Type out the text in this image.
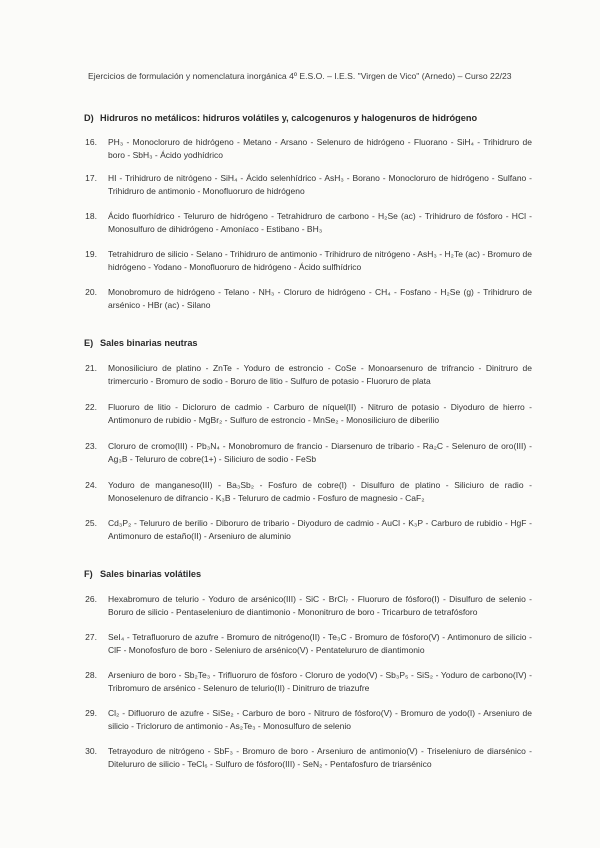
Ejercicios de formulación y nomenclatura inorgánica 4º E.S.O. – I.E.S. "Virgen de Vico" (Arnedo) – Curso 22/23
D) Hidruros no metálicos: hidruros volátiles y, calcogenuros y halogenuros de hidrógeno
16. PH₃ - Monocloruro de hidrógeno - Metano - Arsano - Selenuro de hidrógeno - Fluorano - SiH₄ - Trihidruro de boro - SbH₃ - Ácido yodhídrico
17. HI - Trihidruro de nitrógeno - SiH₄ - Ácido selenhídrico - AsH₃ - Borano - Monocloruro de hidrógeno - Sulfano - Trihidruro de antimonio - Monofluoruro de hidrógeno
18. Ácido fluorhídrico - Telururo de hidrógeno - Tetrahidruro de carbono - H₂Se (ac) - Trihidruro de fósforo - HCl - Monosulfuro de dihidrógeno - Amoníaco - Estibano - BH₃
19. Tetrahidruro de silicio - Selano - Trihidruro de antimonio - Trihidruro de nitrógeno - AsH₃ - H₂Te (ac) - Bromuro de hidrógeno - Yodano - Monofluoruro de hidrógeno - Ácido sulfhídrico
20. Monobromuro de hidrógeno - Telano - NH₃ - Cloruro de hidrógeno - CH₄ - Fosfano - H₂Se (g) - Trihidruro de arsénico - HBr (ac) - Silano
E) Sales binarias neutras
21. Monosiliciuro de platino - ZnTe - Yoduro de estroncio - CoSe - Monoarsenuro de trifrancio - Dinitruro de trimercurio - Bromuro de sodio - Boruro de litio - Sulfuro de potasio - Fluoruro de plata
22. Fluoruro de litio - Dicloruro de cadmio - Carburo de níquel(II) - Nitruro de potasio - Diyoduro de hierro - Antimonuro de rubidio - MgBr₂ - Sulfuro de estroncio - MnSe₂ - Monosiliciuro de diberilio
23. Cloruro de cromo(III) - Pb₃N₄ - Monobromuro de francio - Diarsenuro de tribario - Ra₂C - Selenuro de oro(III) - Ag₃B - Telururo de cobre(1+) - Siliciuro de sodio - FeSb
24. Yoduro de manganeso(III) - Ba₃Sb₂ - Fosfuro de cobre(I) - Disulfuro de platino - Siliciuro de radio - Monoselenuro de difrancio - K₃B - Telururo de cadmio - Fosfuro de magnesio - CaF₂
25. Cd₃P₂ - Telururo de berilio - Diboruro de tribario - Diyoduro de cadmio - AuCl - K₃P - Carburo de rubidio - HgF - Antimonuro de estaño(II) - Arseniuro de aluminio
F) Sales binarias volátiles
26. Hexabromuro de telurio - Yoduro de arsénico(III) - SiC - BrCl₇ - Fluoruro de fósforo(I) - Disulfuro de selenio - Boruro de silicio - Pentaseleniuro de diantimonio - Mononitruro de boro - Tricarburo de tetrafósforo
27. SeI₄ - Tetrafluoruro de azufre - Bromuro de nitrógeno(II) - Te₃C - Bromuro de fósforo(V) - Antimonuro de silicio - ClF - Monofosfuro de boro - Seleniuro de arsénico(V) - Pentatelururo de diantimonio
28. Arseniuro de boro - Sb₂Te₃ - Trifluoruro de fósforo - Cloruro de yodo(V) - Sb₃P₅ - SiS₂ - Yoduro de carbono(IV) - Tribromuro de arsénico - Selenuro de telurio(II) - Dinitruro de triazufre
29. Cl₂ - Difluoruro de azufre - SiSe₂ - Carburo de boro - Nitruro de fósforo(V) - Bromuro de yodo(I) - Arseniuro de silicio - Tricloruro de antimonio - As₂Te₃ - Monosulfuro de selenio
30. Tetrayoduro de nitrógeno - SbF₃ - Bromuro de boro - Arseniuro de antimonio(V) - Triseleniuro de diarsénico - Ditelururo de silicio - TeCl₆ - Sulfuro de fósforo(III) - SeN₂ - Pentafosfuro de triarsénico
